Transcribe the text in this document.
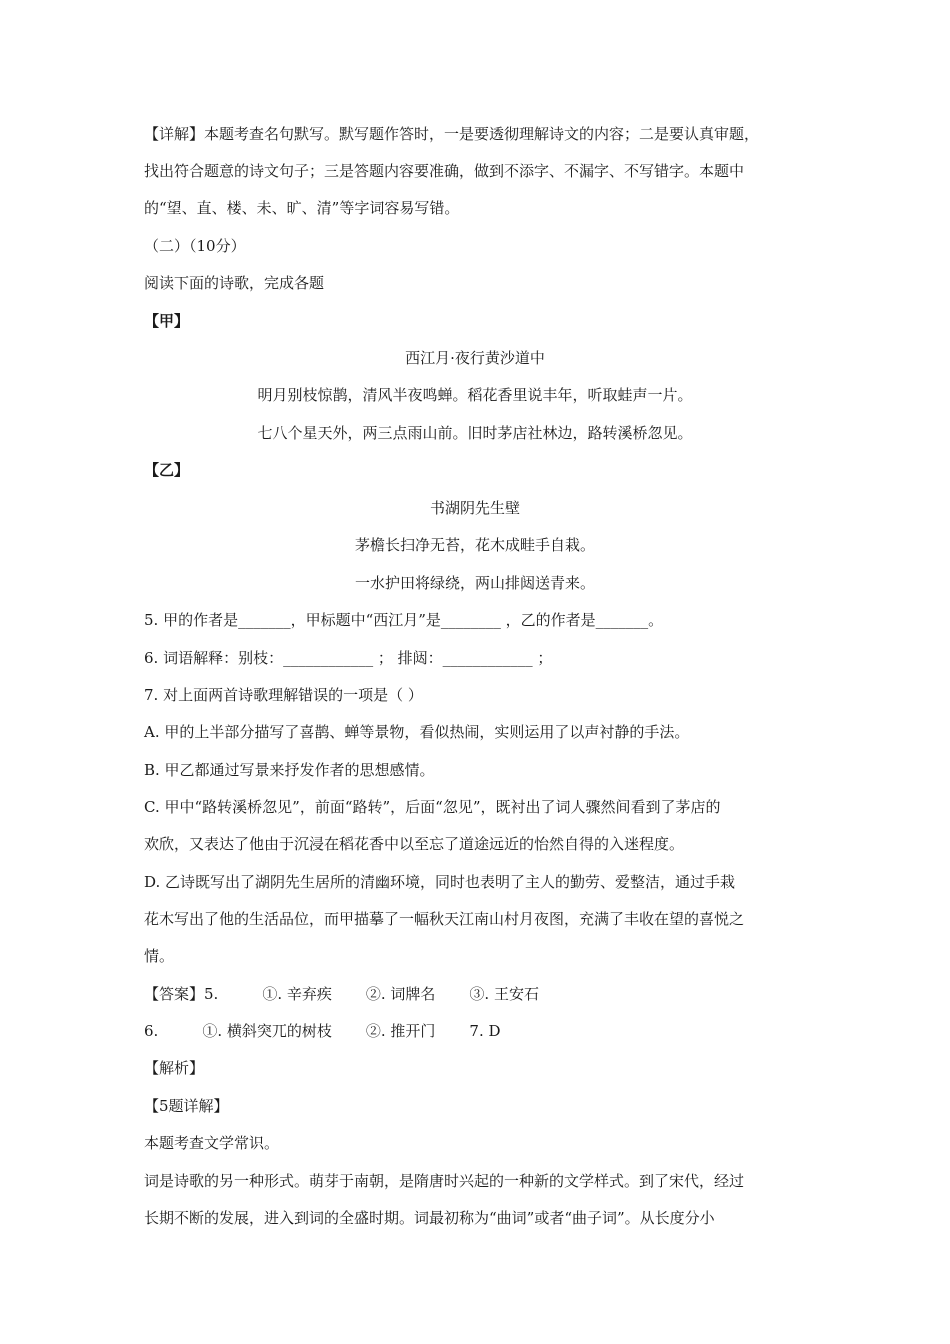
【详解】本题考查名句默写。默写题作答时，一是要透彻理解诗文的内容；二是要认真审题，
找出符合题意的诗文句子；三是答题内容要准确，做到不添字、不漏字、不写错字。本题中
的“望、直、楼、未、旷、清”等字词容易写错。
（二）（10分）
阅读下面的诗歌，完成各题
【甲】
西江月·夜行黄沙道中
明月别枝惊鹊，清风半夜鸣蝉。稻花香里说丰年，听取蛙声一片。
七八个星天外，两三点雨山前。旧时茅店社林边，路转溪桥忽见。
【乙】
书湖阴先生壁
茅檐长扫净无苔，花木成畦手自栽。
一水护田将绿绕，两山排闼送青来。
5. 甲的作者是_______，甲标题中“西江月”是________ ，乙的作者是_______。
6. 词语解释：别枝：____________ ； 排闼：____________ ；
7. 对上面两首诗歌理解错误的一项是（ ）
A. 甲的上半部分描写了喜鹊、蝉等景物，看似热闹，实则运用了以声衬静的手法。
B. 甲乙都通过写景来抒发作者的思想感情。
C. 甲中“路转溪桥忽见”，前面“路转”，后面“忽见”，既衬出了词人骤然间看到了茅店的
欢欣，又表达了他由于沉浸在稻花香中以至忘了道途远近的怡然自得的入迷程度。
D. 乙诗既写出了湖阴先生居所的清幽环境，同时也表明了主人的勤劳、爱整洁，通过手栽
花木写出了他的生活品位，而甲描摹了一幅秋天江南山村月夜图，充满了丰收在望的喜悦之
情。
【答案】5.	①. 辛弃疾 ②. 词牌名 ③. 王安石
6.	①. 横斜突兀的树枝 ②. 推开门 7. D
【解析】
【5题详解】
本题考查文学常识。
词是诗歌的另一种形式。萌芽于南朝，是隋唐时兴起的一种新的文学样式。到了宋代，经过
长期不断的发展，进入到词的全盛时期。词最初称为“曲词”或者“曲子词”。从长度分小
